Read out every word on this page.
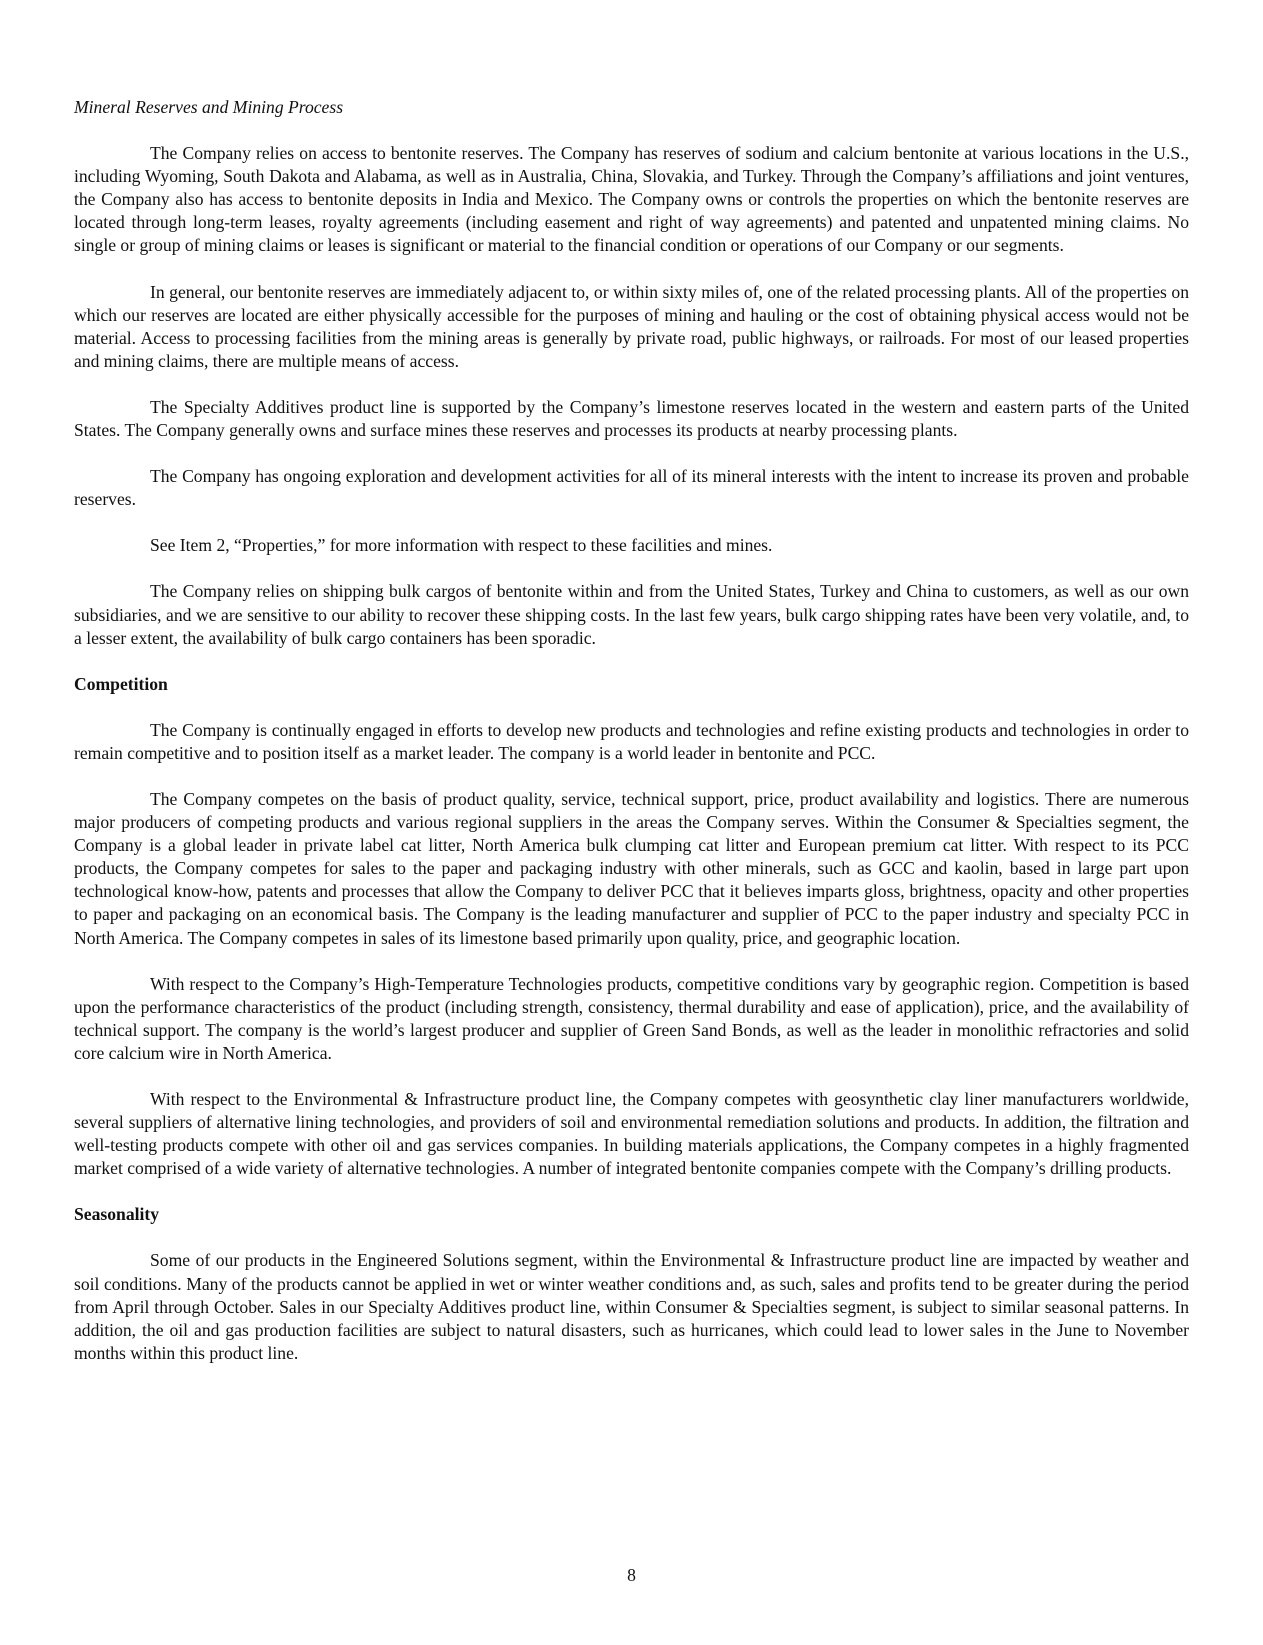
Mineral Reserves and Mining Process

The Company relies on access to bentonite reserves. The Company has reserves of sodium and calcium bentonite at various locations in the U.S., including Wyoming, South Dakota and Alabama, as well as in Australia, China, Slovakia, and Turkey. Through the Company’s affiliations and joint ventures, the Company also has access to bentonite deposits in India and Mexico. The Company owns or controls the properties on which the bentonite reserves are located through long-term leases, royalty agreements (including easement and right of way agreements) and patented and unpatented mining claims. No single or group of mining claims or leases is significant or material to the financial condition or operations of our Company or our segments.

In general, our bentonite reserves are immediately adjacent to, or within sixty miles of, one of the related processing plants. All of the properties on which our reserves are located are either physically accessible for the purposes of mining and hauling or the cost of obtaining physical access would not be material. Access to processing facilities from the mining areas is generally by private road, public highways, or railroads. For most of our leased properties and mining claims, there are multiple means of access.

The Specialty Additives product line is supported by the Company’s limestone reserves located in the western and eastern parts of the United States. The Company generally owns and surface mines these reserves and processes its products at nearby processing plants.

The Company has ongoing exploration and development activities for all of its mineral interests with the intent to increase its proven and probable reserves.

See Item 2, “Properties,” for more information with respect to these facilities and mines.

The Company relies on shipping bulk cargos of bentonite within and from the United States, Turkey and China to customers, as well as our own subsidiaries, and we are sensitive to our ability to recover these shipping costs. In the last few years, bulk cargo shipping rates have been very volatile, and, to a lesser extent, the availability of bulk cargo containers has been sporadic.

Competition

The Company is continually engaged in efforts to develop new products and technologies and refine existing products and technologies in order to remain competitive and to position itself as a market leader. The company is a world leader in bentonite and PCC.

The Company competes on the basis of product quality, service, technical support, price, product availability and logistics. There are numerous major producers of competing products and various regional suppliers in the areas the Company serves. Within the Consumer & Specialties segment, the Company is a global leader in private label cat litter, North America bulk clumping cat litter and European premium cat litter. With respect to its PCC products, the Company competes for sales to the paper and packaging industry with other minerals, such as GCC and kaolin, based in large part upon technological know-how, patents and processes that allow the Company to deliver PCC that it believes imparts gloss, brightness, opacity and other properties to paper and packaging on an economical basis. The Company is the leading manufacturer and supplier of PCC to the paper industry and specialty PCC in North America. The Company competes in sales of its limestone based primarily upon quality, price, and geographic location.

With respect to the Company’s High-Temperature Technologies products, competitive conditions vary by geographic region. Competition is based upon the performance characteristics of the product (including strength, consistency, thermal durability and ease of application), price, and the availability of technical support. The company is the world’s largest producer and supplier of Green Sand Bonds, as well as the leader in monolithic refractories and solid core calcium wire in North America.

With respect to the Environmental & Infrastructure product line, the Company competes with geosynthetic clay liner manufacturers worldwide, several suppliers of alternative lining technologies, and providers of soil and environmental remediation solutions and products. In addition, the filtration and well-testing products compete with other oil and gas services companies. In building materials applications, the Company competes in a highly fragmented market comprised of a wide variety of alternative technologies. A number of integrated bentonite companies compete with the Company’s drilling products.

Seasonality

Some of our products in the Engineered Solutions segment, within the Environmental & Infrastructure product line are impacted by weather and soil conditions. Many of the products cannot be applied in wet or winter weather conditions and, as such, sales and profits tend to be greater during the period from April through October. Sales in our Specialty Additives product line, within Consumer & Specialties segment, is subject to similar seasonal patterns. In addition, the oil and gas production facilities are subject to natural disasters, such as hurricanes, which could lead to lower sales in the June to November months within this product line.

8
